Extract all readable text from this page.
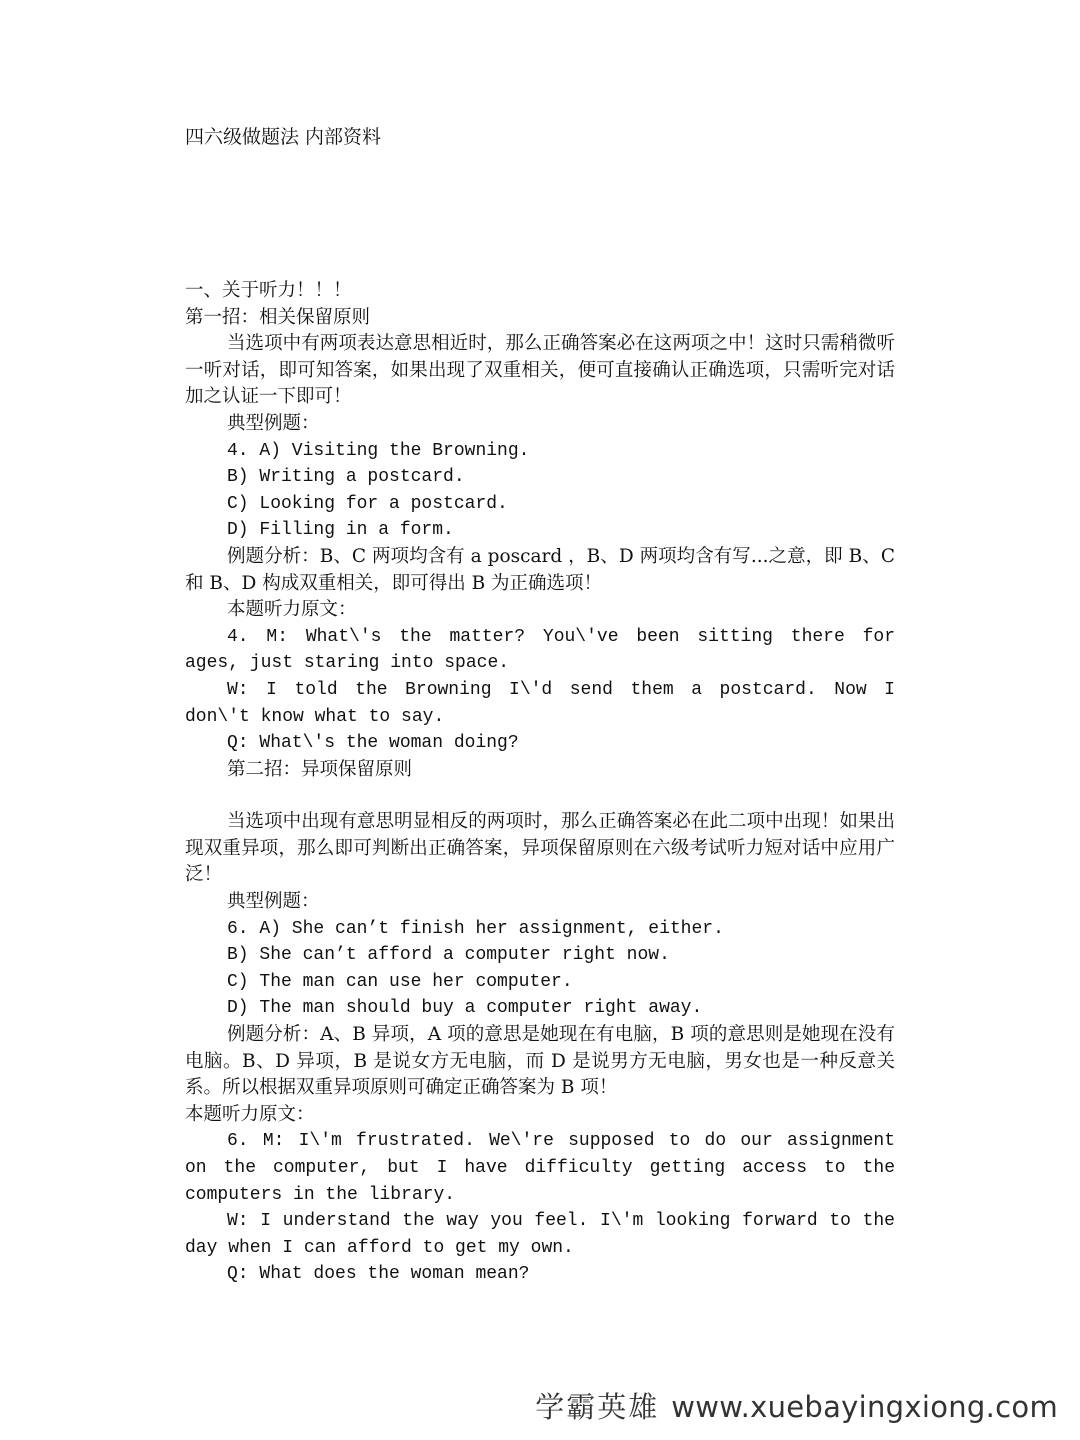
四六级做题法 内部资料
一、关于听力！！！
第一招：相关保留原则
当选项中有两项表达意思相近时，那么正确答案必在这两项之中！这时只需稍微听一听对话，即可知答案，如果出现了双重相关，便可直接确认正确选项，只需听完对话加之认证一下即可！
典型例题：
4. A) Visiting the Browning.
B) Writing a postcard.
C) Looking for a postcard.
D) Filling in a form.
例题分析：B、C 两项均含有 a poscard ，B、D 两项均含有写...之意，即 B、C 和 B、D 构成双重相关，即可得出 B 为正确选项！
本题听力原文：
4. M: What\'s the matter? You\'ve been sitting there for ages, just staring into space.
W: I told the Browning I\'d send them a postcard. Now I don\'t know what to say.
Q: What\'s the woman doing?
第二招：异项保留原则
当选项中出现有意思明显相反的两项时，那么正确答案必在此二项中出现！如果出现双重异项，那么即可判断出正确答案，异项保留原则在六级考试听力短对话中应用广泛！
典型例题：
6. A) She can’t finish her assignment, either.
B) She can’t afford a computer right now.
C) The man can use her computer.
D) The man should buy a computer right away.
例题分析：A、B 异项，A 项的意思是她现在有电脑，B 项的意思则是她现在没有电脑。B、D 异项，B 是说女方无电脑，而 D 是说男方无电脑，男女也是一种反意关系。所以根据双重异项原则可确定正确答案为 B 项！
本题听力原文：
6. M: I\'m frustrated. We\'re supposed to do our assignment on the computer, but I have difficulty getting access to the computers in the library.
W: I understand the way you feel. I\'m looking forward to the day when I can afford to get my own.
Q: What does the woman mean?
学霸英雄 www.xuebayingxiong.com
